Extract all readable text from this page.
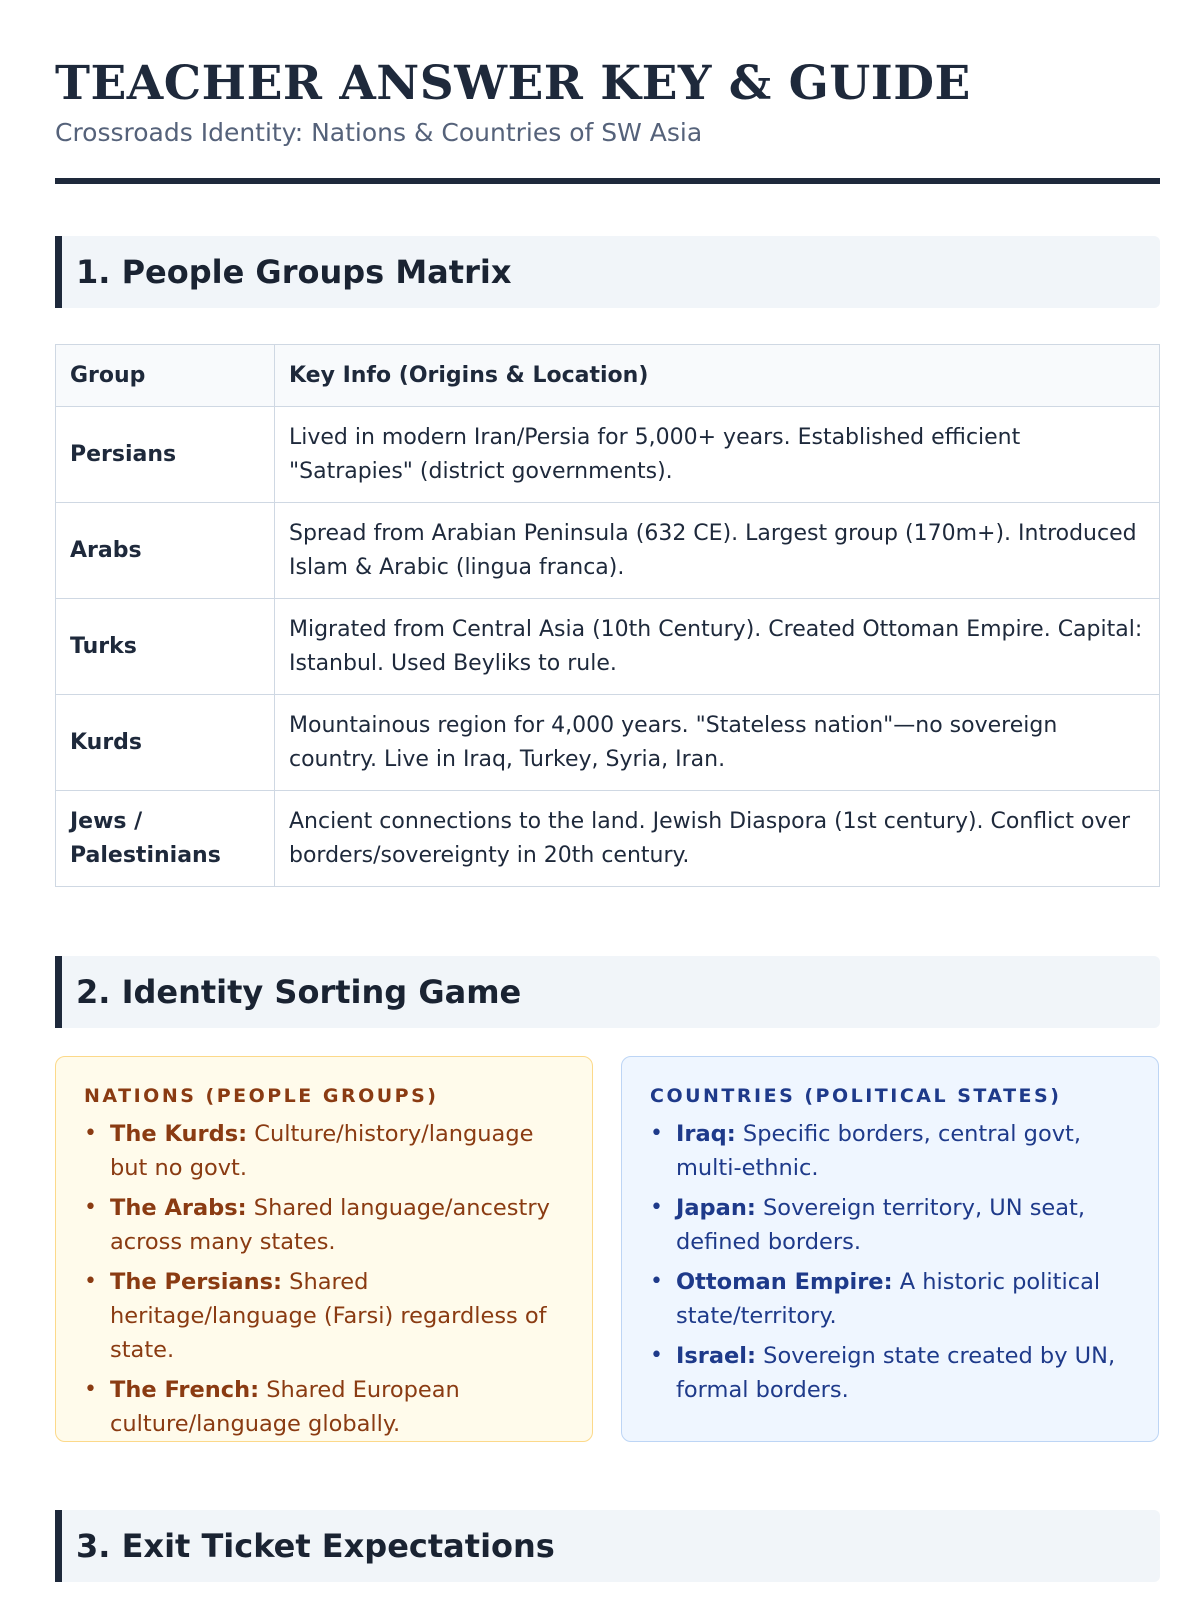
TEACHER ANSWER KEY & GUIDE
Crossroads Identity: Nations & Countries of SW Asia
1. People Groups Matrix
Group	Key Info (Origins & Location)
Persians	Lived in modern Iran/Persia for 5,000+ years. Established efficient "Satrapies" (district governments).
Arabs	Spread from Arabian Peninsula (632 CE). Largest group (170m+). Introduced Islam & Arabic (lingua franca).
Turks	Migrated from Central Asia (10th Century). Created Ottoman Empire. Capital: Istanbul. Used Beyliks to rule.
Kurds	Mountainous region for 4,000 years. "Stateless nation"—no sovereign country. Live in Iraq, Turkey, Syria, Iran.
Jews / Palestinians	Ancient connections to the land. Jewish Diaspora (1st century). Conflict over borders/sovereignty in 20th century.
2. Identity Sorting Game
NATIONS (PEOPLE GROUPS)
• The Kurds: Culture/history/language but no govt.
• The Arabs: Shared language/ancestry across many states.
• The Persians: Shared heritage/language (Farsi) regardless of state.
• The French: Shared European culture/language globally.
COUNTRIES (POLITICAL STATES)
• Iraq: Specific borders, central govt, multi-ethnic.
• Japan: Sovereign territory, UN seat, defined borders.
• Ottoman Empire: A historic political state/territory.
• Israel: Sovereign state created by UN, formal borders.
3. Exit Ticket Expectations
